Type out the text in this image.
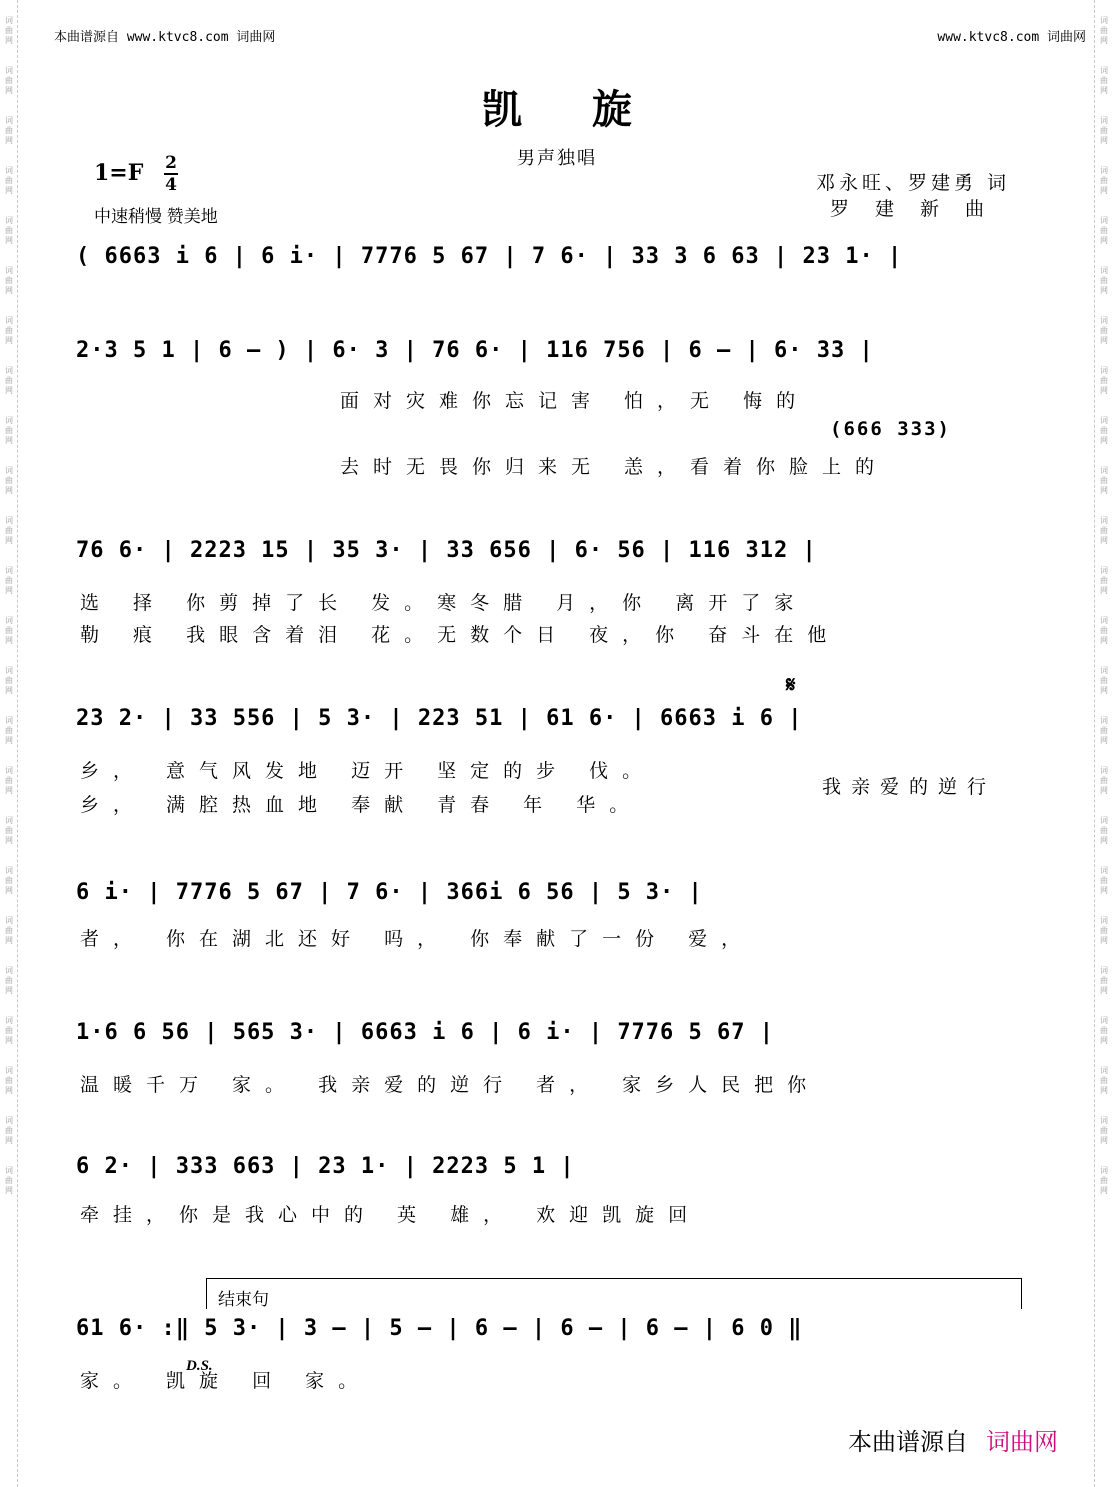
词
曲
网
词
曲
网
词
曲
网
词
曲
网
词
曲
网
词
曲
网
词
曲
网
词
曲
网
词
曲
网
词
曲
网
词
曲
网
词
曲
网
词
曲
网
词
曲
网
词
曲
网
词
曲
网
词
曲
网
词
曲
网
词
曲
网
词
曲
网
词
曲
网
词
曲
网
词
曲
网
词
曲
网
词
曲
网
词
曲
网
词
曲
网
词
曲
网
词
曲
网
词
曲
网
词
曲
网
词
曲
网
词
曲
网
词
曲
网
词
曲
网
词
曲
网
词
曲
网
词
曲
网
词
曲
网
词
曲
网
词
曲
网
词
曲
网
词
曲
网
词
曲
网
词
曲
网
词
曲
网
词
曲
网
词
曲
网
本曲谱源自 www.ktvc8.com 词曲网	www.ktvc8.com 词曲网
凯旋
男声独唱
1=F 2
4
中速稍慢 赞美地
邓永旺、罗建勇 词
罗建新曲
( 6663 i 6 | 6 i· | 7776 5 67 | 7 6· | 33 3 6 63 | 23 1· |
2·3 5 1 | 6 – ) | 6· 3 | 76 6· | 116 756 | 6 – | 6· 33 |
面对灾难你忘记害 怕，无 悔的
(666 333)
去时无畏你归来无 恙，看着你脸上的
76 6· | 2223 15 | 35 3· | 33 656 | 6· 56 | 116 312 |
选 择 你剪掉了长 发。寒冬腊 月，你 离开了家
勒 痕 我眼含着泪 花。无数个日 夜，你 奋斗在他
𝄋
23 2· | 33 556 | 5 3· | 223 51 | 61 6· | 6663 i 6 |
乡， 意气风发地 迈开 坚定的步 伐。
乡， 满腔热血地 奉献 青春 年 华。
我亲爱的逆行
6 i· | 7776 5 67 | 7 6· | 366i 6 56 | 5 3· |
者， 你在湖北还好 吗， 你奉献了一份 爱，
1·6 6 56 | 565 3· | 6663 i 6 | 6 i· | 7776 5 67 |
温暖千万 家。 我亲爱的逆行 者， 家乡人民把你
6 2· | 333 663 | 23 1· | 2223 5 1 |
牵挂，你是我心中的 英 雄， 欢迎凯旋回
结束句
61 6· :‖ 5 3· | 3 – | 5 – | 6 – | 6 – | 6 – | 6 0 ‖
D.S.
家。 凯旋 回 家。
本曲谱源自 词曲网
